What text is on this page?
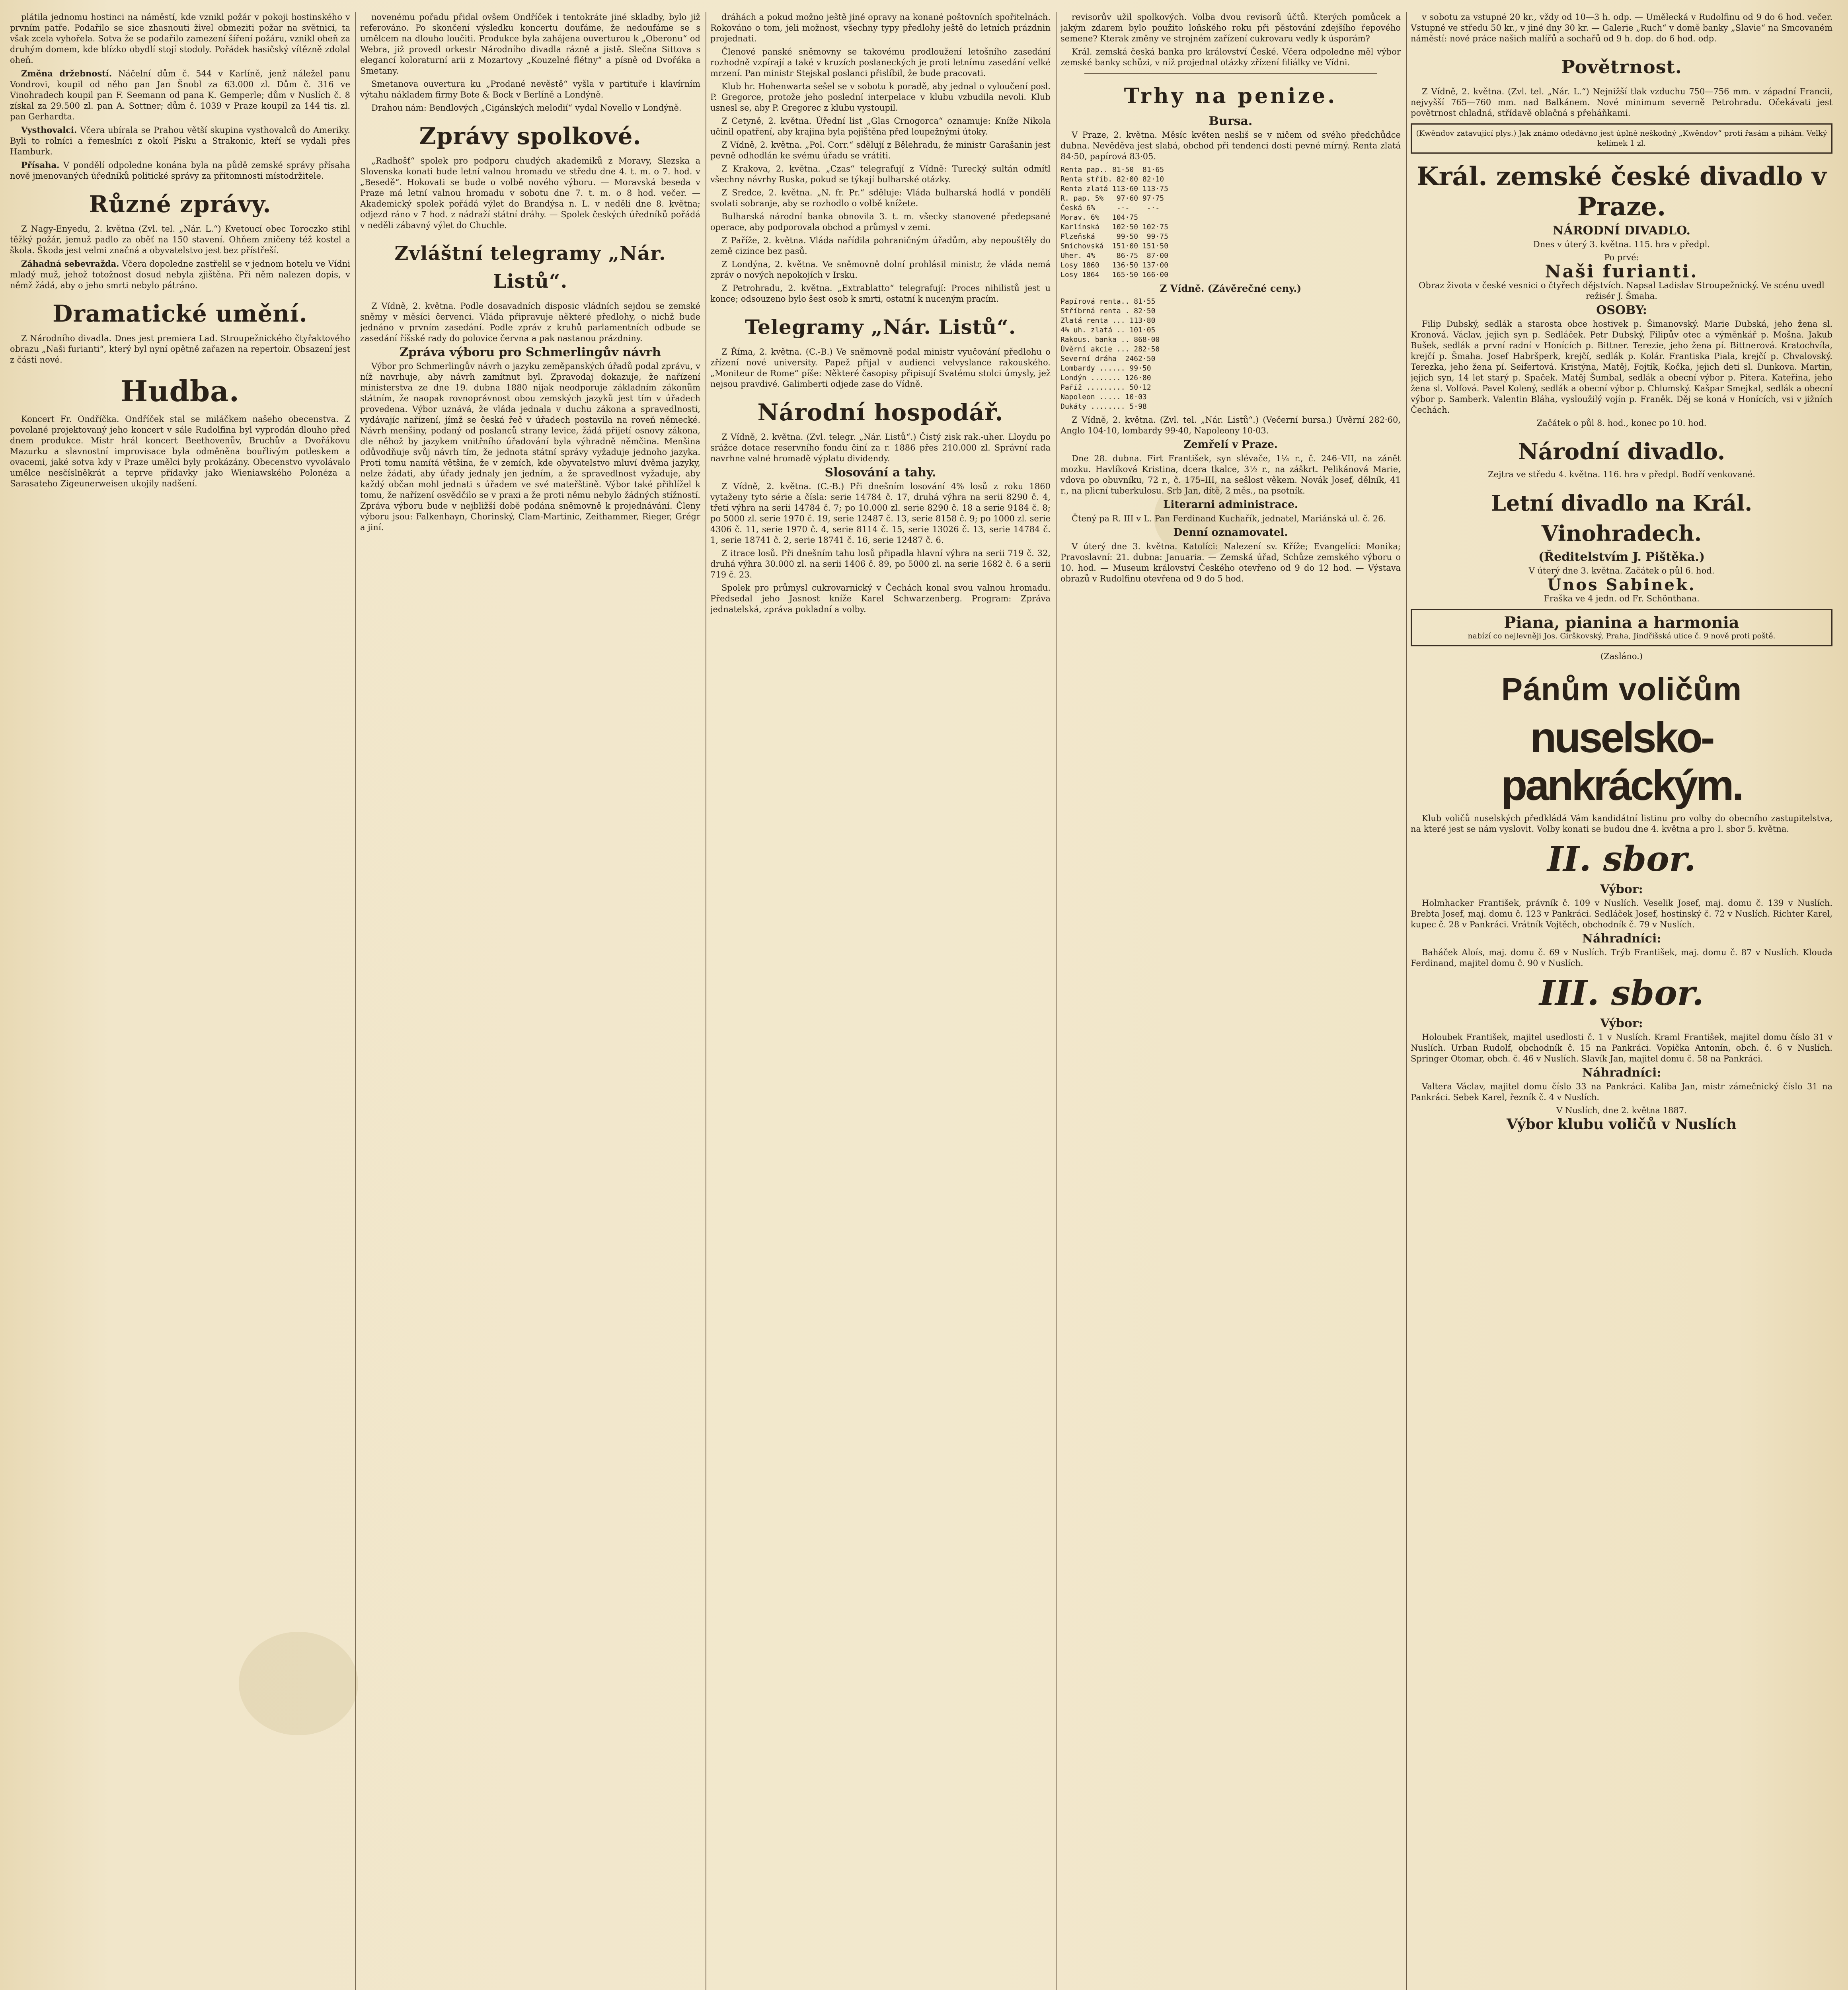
plátila jednomu hostinci na náměstí, kde vznikl požár v pokoji hostinského v prvním patře. Podařilo se sice zhasnouti živel obmeziti požar na světnici, ta však zcela vyhořela. Sotva že se podařilo zamezení šíření požáru, vznikl oheň za druhým domem, kde blízko obydlí stojí stodoly. Pořádek hasičský vítězně zdolal oheň.

Změna držebností. Náčelní dům č. 544 v Karlíně, jenž náležel panu Vondrovi, koupil od něho pan Jan Šnobl za 63.000 zl. Dům č. 316 ve Vinohradech koupil pan F. Seemann od pana K. Gemperle; dům v Nuslích č. 8 získal za 29.500 zl. pan A. Sottner; dům č. 1039 v Praze koupil za 144 tis. zl. pan Gerhardta.

Vysthovalci. Včera ubírala se Prahou větší skupina vysthovalců do Ameriky. Byli to rolníci a řemeslníci z okolí Písku a Strakonic, kteří se vydali přes Hamburk.

Přísaha. V pondělí odpoledne konána byla na půdě zemské správy přísaha nově jmenovaných úředníků politické správy za přítomnosti místodržitele.

Různé zprávy.

Z Nagy-Enyedu, 2. května (Zvl. tel. „Nár. L.“) Kvetoucí obec Toroczko stihl těžký požár, jemuž padlo za oběť na 150 stavení. Ohňem zničeny též kostel a škola. Škoda jest velmi značná a obyvatelstvo jest bez přístřeší.

Záhadná sebevražda. Včera dopoledne zastřelil se v jednom hotelu ve Vídni mladý muž, jehož totožnost dosud nebyla zjištěna. Při něm nalezen dopis, v němž žádá, aby o jeho smrti nebylo pátráno.

Dramatické umění.

Z Národního divadla. Dnes jest premiera Lad. Stroupežnického čtyřaktového obrazu „Naši furianti“, který byl nyní opětně zařazen na repertoir. Obsazení jest z části nové.

Hudba.

Koncert Fr. Ondříčka. Ondříček stal se miláčkem našeho obecenstva. Z povolané projektovaný jeho koncert v sále Rudolfina byl vyprodán dlouho před dnem produkce. Mistr hrál koncert Beethovenův, Bruchův a Dvořákovu Mazurku a slavnostní improvisace byla odměněna bouřlivým potleskem a ovacemi, jaké sotva kdy v Praze umělci byly prokázány. Obecenstvo vyvolávalo umělce nesčíslněkrát a teprve přídavky jako Wieniawského Polonéza a Sarasateho Zigeunerweisen ukojily nadšení.

novenému pořadu přidal ovšem Ondříček i tentokráte jiné skladby, bylo již referováno. Po skončení výsledku koncertu doufáme, že nedoufáme se s umělcem na dlouho loučiti. Produkce byla zahájena ouverturou k „Oberonu“ od Webra, již provedl orkestr Národního divadla rázně a jistě. Slečna Sittova s elegancí koloraturní arii z Mozartovy „Kouzelné flétny“ a písně od Dvořáka a Smetany.

Smetanova ouvertura ku „Prodané nevěstě“ vyšla v partituře i klavírním výtahu nákladem firmy Bote & Bock v Berlíně a Londýně.

Drahou nám: Bendlových „Cigánských melodií“ vydal Novello v Londýně.

Zprávy spolkové.

„Radhošť“ spolek pro podporu chudých akademiků z Moravy, Slezska a Slovenska konati bude letní valnou hromadu ve středu dne 4. t. m. o 7. hod. v „Besedě“. Hokovati se bude o volbě nového výboru. — Moravská beseda v Praze má letní valnou hromadu v sobotu dne 7. t. m. o 8 hod. večer. — Akademický spolek pořádá výlet do Brandýsa n. L. v neděli dne 8. května; odjezd ráno v 7 hod. z nádraží státní dráhy. — Spolek českých úředníků pořádá v neděli zábavný výlet do Chuchle.

Zvláštní telegramy „Nár. Listů“.

Z Vídně, 2. května. Podle dosavadních disposic vládních sejdou se zemské sněmy v měsíci červenci. Vláda připravuje některé předlohy, o nichž bude jednáno v prvním zasedání. Podle zpráv z kruhů parlamentních odbude se zasedání říšské rady do polovice června a pak nastanou prázdniny.

Zpráva výboru pro Schmerlingův návrh

Výbor pro Schmerlingův návrh o jazyku zeměpanských úřadů podal zprávu, v níž navrhuje, aby návrh zamítnut byl. Zpravodaj dokazuje, že nařízení ministerstva ze dne 19. dubna 1880 nijak neodporuje základním zákonům státním, že naopak rovnoprávnost obou zemských jazyků jest tím v úřadech provedena. Výbor uznává, že vláda jednala v duchu zákona a spravedlnosti, vydávajíc nařízení, jímž se česká řeč v úřadech postavila na roveň německé. Návrh menšiny, podaný od poslanců strany levice, žádá přijetí osnovy zákona, dle něhož by jazykem vnitřního úřadování byla výhradně němčina. Menšina odůvodňuje svůj návrh tím, že jednota státní správy vyžaduje jednoho jazyka. Proti tomu namítá většina, že v zemích, kde obyvatelstvo mluví dvěma jazyky, nelze žádati, aby úřady jednaly jen jedním, a že spravedlnost vyžaduje, aby každý občan mohl jednati s úřadem ve své mateřštině. Výbor také přihlížel k tomu, že nařízení osvědčilo se v praxi a že proti němu nebylo žádných stížností. Zpráva výboru bude v nejbližší době podána sněmovně k projednávání. Členy výboru jsou: Falkenhayn, Chorinský, Clam-Martinic, Zeithammer, Rieger, Grégr a jiní.

dráhách a pokud možno ještě jiné opravy na konané poštovních spořitelnách. Rokováno o tom, jeli možnost, všechny typy předlohy ještě do letních prázdnin projednati.

Členové panské sněmovny se takovému prodloužení letošního zasedání rozhodně vzpírají a také v kruzích poslaneckých je proti letnímu zasedání velké mrzení. Pan ministr Stejskal poslanci přislíbil, že bude pracovati.

Klub hr. Hohenwarta sešel se v sobotu k poradě, aby jednal o vyloučení posl. P. Gregorce, protože jeho poslední interpelace v klubu vzbudila nevoli. Klub usnesl se, aby P. Gregorec z klubu vystoupil.

Z Cetyně, 2. května. Úřední list „Glas Crnogorca“ oznamuje: Kníže Nikola učinil opatření, aby krajina byla pojištěna před loupežnými útoky.

Z Vídně, 2. května. „Pol. Corr.“ sdělují z Bělehradu, že ministr Garašanin jest pevně odhodlán ke svému úřadu se vrátiti.

Z Krakova, 2. května. „Czas“ telegrafují z Vídně: Turecký sultán odmítl všechny návrhy Ruska, pokud se týkají bulharské otázky.

Z Sredce, 2. května. „N. fr. Pr.“ sděluje: Vláda bulharská hodlá v pondělí svolati sobranje, aby se rozhodlo o volbě knížete.

Bulharská národní banka obnovila 3. t. m. všecky stanovené předepsané operace, aby podporovala obchod a průmysl v zemi.

Z Paříže, 2. května. Vláda nařídila pohraničným úřadům, aby nepouštěly do země cizince bez pasů.

Z Londýna, 2. května. Ve sněmovně dolní prohlásil ministr, že vláda nemá zpráv o nových nepokojích v Irsku.

Z Petrohradu, 2. května. „Extrablatto“ telegrafují: Proces nihilistů jest u konce; odsouzeno bylo šest osob k smrti, ostatní k nuceným pracím.

Telegramy „Nár. Listů“.

Z Říma, 2. května. (C.-B.) Ve sněmovně podal ministr vyučování předlohu o zřízení nové university. Papež přijal v audienci velvyslance rakouského. „Moniteur de Rome“ píše: Některé časopisy připisují Svatému stolci úmysly, jež nejsou pravdivé. Galimberti odjede zase do Vídně.

Národní hospodář.

Z Vídně, 2. května. (Zvl. telegr. „Nár. Listů“.) Čistý zisk rak.-uher. Lloydu po srážce dotace reservního fondu činí za r. 1886 přes 210.000 zl. Správní rada navrhne valné hromadě výplatu dividendy.

Slosování a tahy.

Z Vídně, 2. května. (C.-B.) Při dnešním losování 4% losů z roku 1860 vytaženy tyto série a čísla: serie 14784 č. 17, druhá výhra na serii 8290 č. 4, třetí výhra na serii 14784 č. 7; po 10.000 zl. serie 8290 č. 18 a serie 9184 č. 8; po 5000 zl. serie 1970 č. 19, serie 12487 č. 13, serie 8158 č. 9; po 1000 zl. serie 4306 č. 11, serie 1970 č. 4, serie 8114 č. 15, serie 13026 č. 13, serie 14784 č. 1, serie 18741 č. 2, serie 18741 č. 16, serie 12487 č. 6.

Z itrace losů. Při dnešním tahu losů připadla hlavní výhra na serii 719 č. 32, druhá výhra 30.000 zl. na serii 1406 č. 89, po 5000 zl. na serie 1682 č. 6 a serii 719 č. 23.

Spolek pro průmysl cukrovarnický v Čechách konal svou valnou hromadu. Předsedal jeho Jasnost kníže Karel Schwarzenberg. Program: Zpráva jednatelská, zpráva pokladní a volby.

revisorův užil spolkových. Volba dvou revisorů účtů. Kterých pomůcek a jakým zdarem bylo použito loňského roku při pěstování zdejšího řepového semene? Kterak změny ve strojném zařízení cukrovaru vedly k úsporám?

Král. zemská česká banka pro království České. Včera odpoledne měl výbor zemské banky schůzi, v níž projednal otázky zřízení filiálky ve Vídni.

Trhy na penize.
Bursa.

V Praze, 2. května. Měsíc květen nesliš se v ničem od svého předchůdce dubna. Nevěděva jest slabá, obchod při tendenci dosti pevné mírný. Renta zlatá 84·50, papírová 83·05.

Renta pap.. 81·50  81·65
Renta stříb. 82·00 82·10
Renta zlatá 113·60 113·75
R. pap. 5%   97·60 97·75
Česká 6%     -·-    -·-
Morav. 6%   104·75
Karlínská   102·50 102·75
Plzeňská     99·50  99·75
Smíchovská  151·00 151·50
Uher. 4%     86·75  87·00
Losy 1860   136·50 137·00
Losy 1864   165·50 166·00
Z Vídně. (Závěrečné ceny.)
Papírová renta.. 81·55
Stříbrná renta . 82·50
Zlatá renta ... 113·80
4% uh. zlatá .. 101·05
Rakous. banka .. 868·00
Úvěrní akcie ... 282·50
Severní dráha  2462·50
Lombardy ...... 99·50
Londýn ....... 126·80
Paříž ......... 50·12
Napoleon ..... 10·03
Dukáty ........ 5·98

Z Vídně, 2. května. (Zvl. tel. „Nár. Listů“.) (Večerní bursa.) Úvěrní 282·60, Anglo 104·10, lombardy 99·40, Napoleony 10·03.

Zemřelí v Praze.

Dne 28. dubna. Firt František, syn slévače, 1¼ r., č. 246–VII, na zánět mozku. Havlíková Kristina, dcera tkalce, 3½ r., na záškrt. Pelikánová Marie, vdova po obuvníku, 72 r., č. 175–III, na sešlost věkem. Novák Josef, dělník, 41 r., na plicní tuberkulosu. Srb Jan, dítě, 2 měs., na psotník.

Literarni administrace.

Čtený pa R. III v L. Pan Ferdinand Kuchařík, jednatel, Mariánská ul. č. 26.

Denní oznamovatel.

V úterý dne 3. května. Katolíci: Nalezení sv. Kříže; Evangelíci: Monika; Pravoslavní: 21. dubna: Januaria. — Zemská úřad, Schůze zemského výboru o 10. hod. — Museum království Českého otevřeno od 9 do 12 hod. — Výstava obrazů v Rudolfinu otevřena od 9 do 5 hod.

v sobotu za vstupné 20 kr., vždy od 10—3 h. odp. — Umělecká v Rudolfinu od 9 do 6 hod. večer. Vstupné ve středu 50 kr., v jiné dny 30 kr. — Galerie „Ruch“ v domě banky „Slavie“ na Smcovaném náměstí: nové práce našich malířů a sochařů od 9 h. dop. do 6 hod. odp.

Povětrnost.

Z Vídně, 2. května. (Zvl. tel. „Nár. L.“) Nejnižší tlak vzduchu 750—756 mm. v západní Francii, nejvyšší 765—760 mm. nad Balkánem. Nové minimum severně Petrohradu. Očekávati jest povětrnost chladná, střídavě oblačná s přeháňkami.

(Kwěndov zatavující plys.) Jak známo odedávno jest úplně neškodný „Kwěndov“ proti řasám a pihám. Velký kelímek 1 zl.
Král. zemské české divadlo v Praze.
NÁRODNÍ DIVADLO.

Dnes v úterý 3. května. 115. hra v předpl.

Po prvé:

Naši furianti.

Obraz života v české vesnici o čtyřech dějstvích. Napsal Ladislav Stroupežnický. Ve scénu uvedl režisér J. Šmaha.

OSOBY:

Filip Dubský, sedlák a starosta obce hostivek p. Šimanovský. Marie Dubská, jeho žena sl. Kronová. Václav, jejich syn p. Sedláček. Petr Dubský, Filipův otec a výměnkář p. Mošna. Jakub Bušek, sedlák a první radní v Honících p. Bittner. Terezie, jeho žena pí. Bittnerová. Kratochvíla, krejčí p. Šmaha. Josef Habršperk, krejčí, sedlák p. Kolár. Frantiska Piala, krejčí p. Chvalovský. Terezka, jeho žena pí. Seifertová. Kristýna, Matěj, Fojtík, Kočka, jejich deti sl. Dunkova. Martin, jejich syn, 14 let starý p. Spaček. Matěj Šumbal, sedlák a obecní výbor p. Pitera. Kateřina, jeho žena sl. Volfová. Pavel Kolený, sedlák a obecní výbor p. Chlumský. Kašpar Smejkal, sedlák a obecní výbor p. Samberk. Valentin Bláha, vysloužilý vojín p. Franěk. Děj se koná v Honících, vsi v jižních Čechách.

Začátek o půl 8. hod., konec po 10. hod.

Národní divadlo.

Zejtra ve středu 4. května. 116. hra v předpl. Bodří venkované.

Letní divadlo na Král. Vinohradech.
(Ředitelstvím J. Pištěka.)

V úterý dne 3. května. Začátek o půl 6. hod.

Únos Sabinek.

Fraška ve 4 jedn. od Fr. Schönthana.

Piana, pianina a harmonia
nabízí co nejlevněji Jos. Girškovský, Praha, Jindřišská ulice č. 9 nově proti poště.

(Zasláno.)

Pánům voličům
nuselsko-pankráckým.

Klub voličů nuselských předkládá Vám kandidátní listinu pro volby do obecního zastupitelstva, na které jest se nám vyslovit. Volby konati se budou dne 4. května a pro I. sbor 5. května.

II. sbor.
Výbor:

Holmhacker František, právník č. 109 v Nuslích. Veselik Josef, maj. domu č. 139 v Nuslích. Brebta Josef, maj. domu č. 123 v Pankráci. Sedláček Josef, hostinský č. 72 v Nuslích. Richter Karel, kupec č. 28 v Pankráci. Vrátník Vojtěch, obchodník č. 79 v Nuslích.

Náhradníci:

Baháček Aloís, maj. domu č. 69 v Nuslích. Trýb František, maj. domu č. 87 v Nuslích. Klouda Ferdinand, majitel domu č. 90 v Nuslích.

III. sbor.
Výbor:

Holoubek František, majitel usedlosti č. 1 v Nuslích. Kraml František, majitel domu číslo 31 v Nuslích. Urban Rudolf, obchodník č. 15 na Pankráci. Vopička Antonín, obch. č. 6 v Nuslích. Springer Otomar, obch. č. 46 v Nuslích. Slavík Jan, majitel domu č. 58 na Pankráci.

Náhradníci:

Valtera Václav, majitel domu číslo 33 na Pankráci. Kaliba Jan, mistr zámečnický číslo 31 na Pankráci. Sebek Karel, řezník č. 4 v Nuslích.

V Nuslích, dne 2. května 1887.

Výbor klubu voličů v Nuslích
